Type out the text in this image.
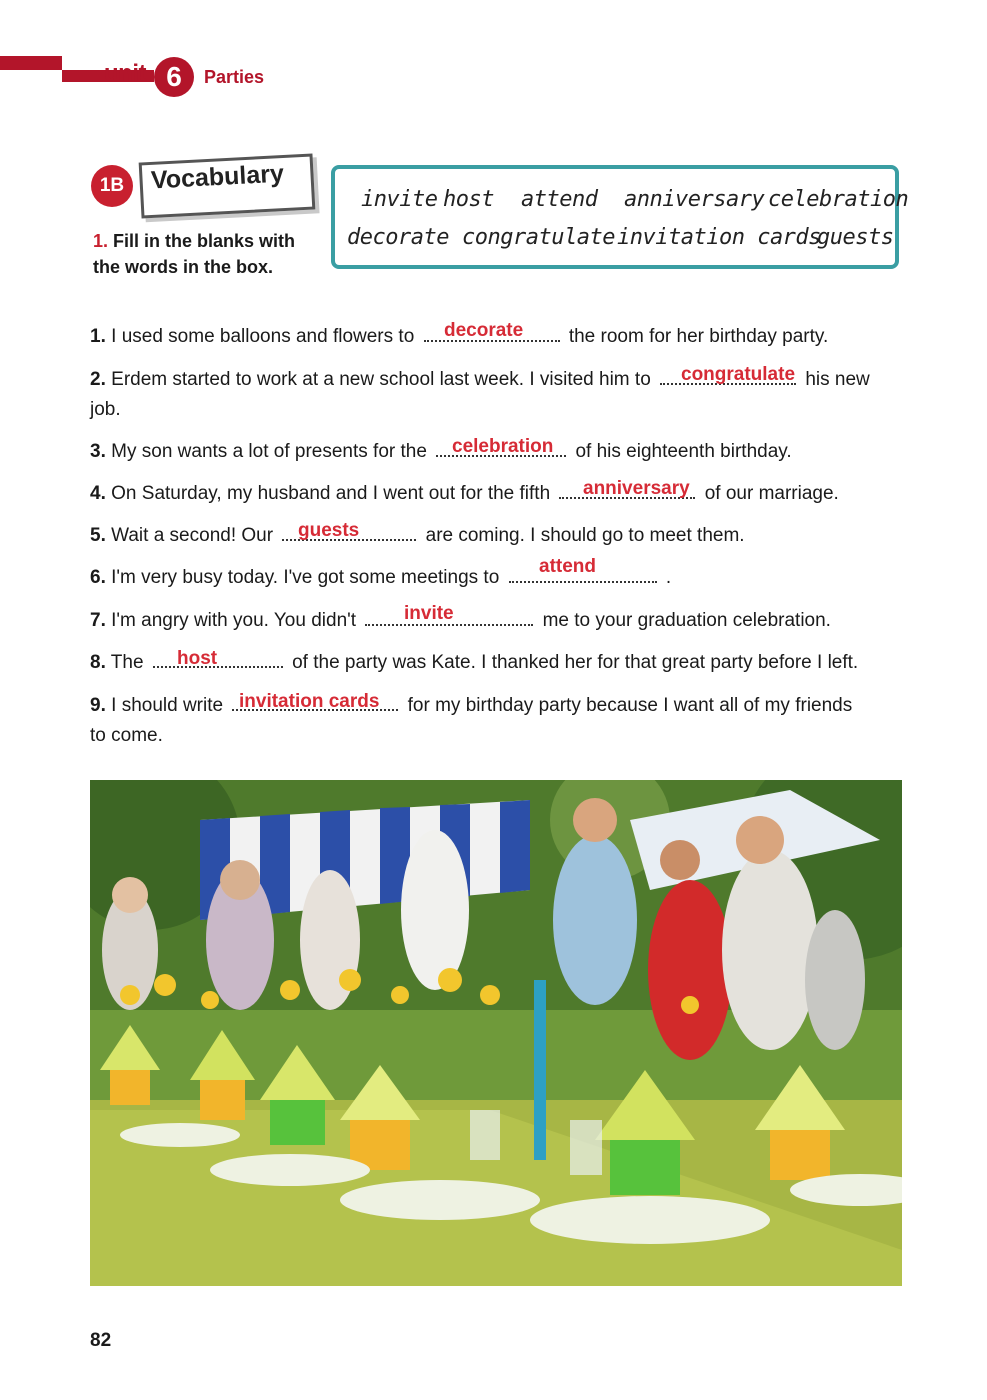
unit 6	Parties
1B	Vocabulary
1. Fill in the blanks with the words in the box.
invite host attend anniversary celebration
decorate congratulate invitation cards
guests
1. I used some balloons and flowers to	the room for her birthday party.
decorate
2. Erdem started to work at a new school last week. I visited him to	his new
congratulate
job.
3. My son wants a lot of presents for the	of his eighteenth birthday.
celebration
4. On Saturday, my husband and I went out for the fifth	of our marriage.
anniversary
5. Wait a second! Our	are coming. I should go to meet them.
guests
6. I'm very busy today. I've got some meetings to	.
attend
7. I'm angry with you. You didn't	me to your graduation celebration.
invite
8. The	of the party was Kate. I thanked her for that great party before I left.
host
9. I should write	for my birthday party because I want all of my friends
invitation cards
to come.
82
